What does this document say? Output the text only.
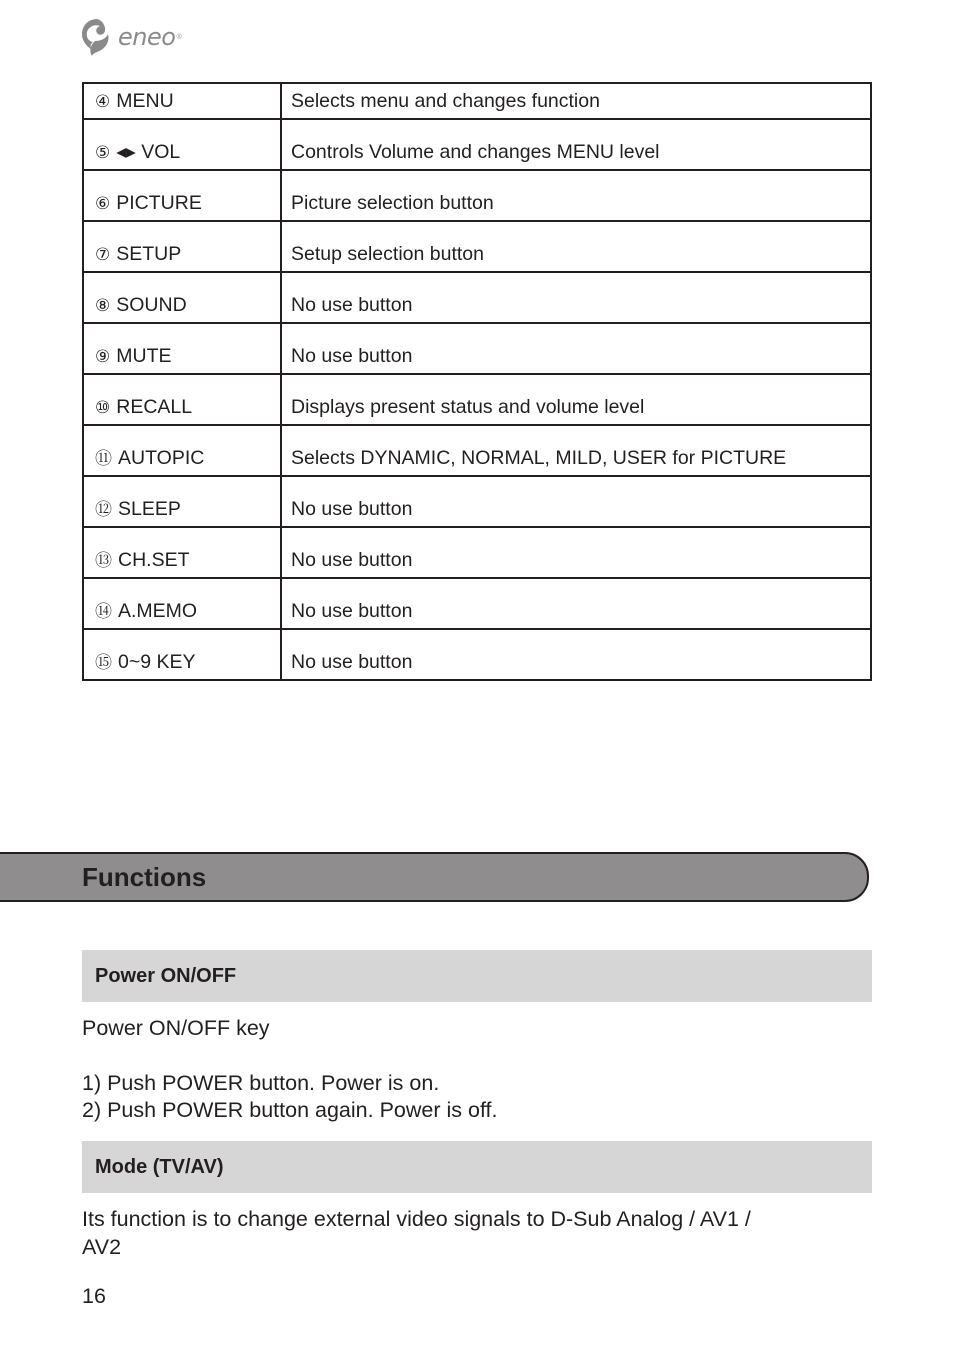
eneo ®
④ MENU	Selects menu and changes function
⑤ ◂▸ VOL	Controls Volume and changes MENU level
⑥ PICTURE	Picture selection button
⑦ SETUP	Setup selection button
⑧ SOUND	No use button
⑨ MUTE	No use button
⑩ RECALL	Displays present status and volume level
⑪ AUTOPIC	Selects DYNAMIC, NORMAL, MILD, USER for PICTURE
⑫ SLEEP	No use button
⑬ CH.SET	No use button
⑭ A.MEMO	No use button
⑮ 0~9 KEY	No use button
Functions
Power ON/OFF

Power ON/OFF key

1) Push POWER button. Power is on.

2) Push POWER button again. Power is off.

Mode (TV/AV)

Its function is to change external video signals to D-Sub Analog / AV1 /

AV2

16
